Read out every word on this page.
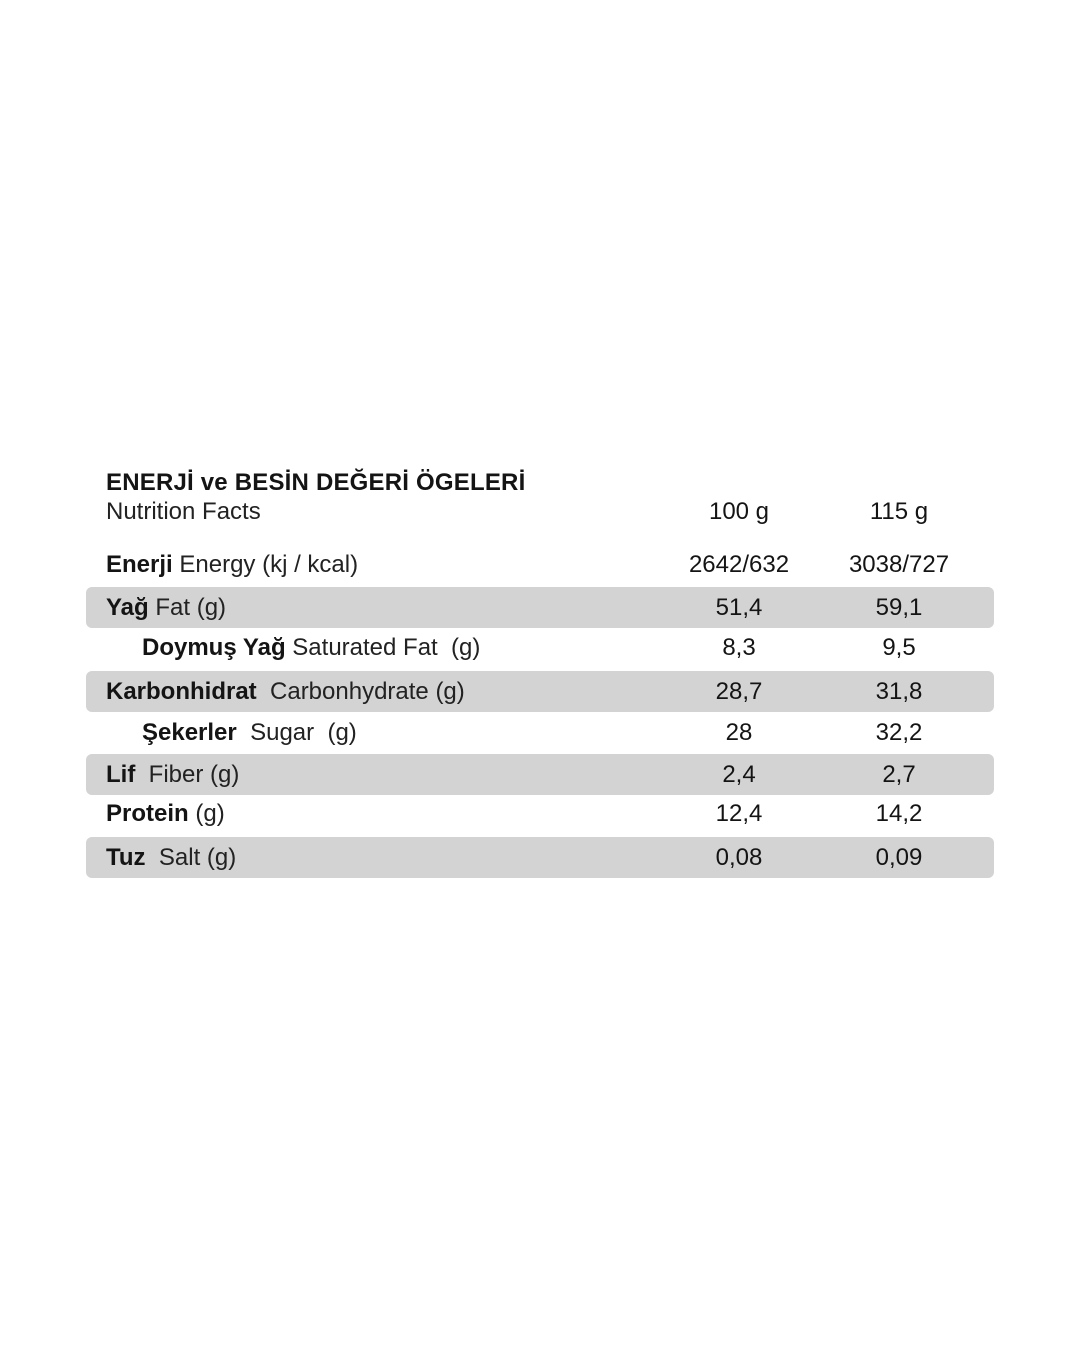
ENERJİ ve BESİN DEĞERİ ÖGELERİ
Nutrition Facts	100 g	115 g
Enerji Energy (kj / kcal)	2642/632	3038/727
Yağ Fat (g)	51,4	59,1
Doymuş Yağ Saturated Fat  (g)	8,3	9,5
Karbonhidrat  Carbonhydrate (g)	28,7	31,8
Şekerler  Sugar  (g)	28	32,2
Lif  Fiber (g)	2,4	2,7
Protein (g)	12,4	14,2
Tuz  Salt (g)	0,08	0,09
